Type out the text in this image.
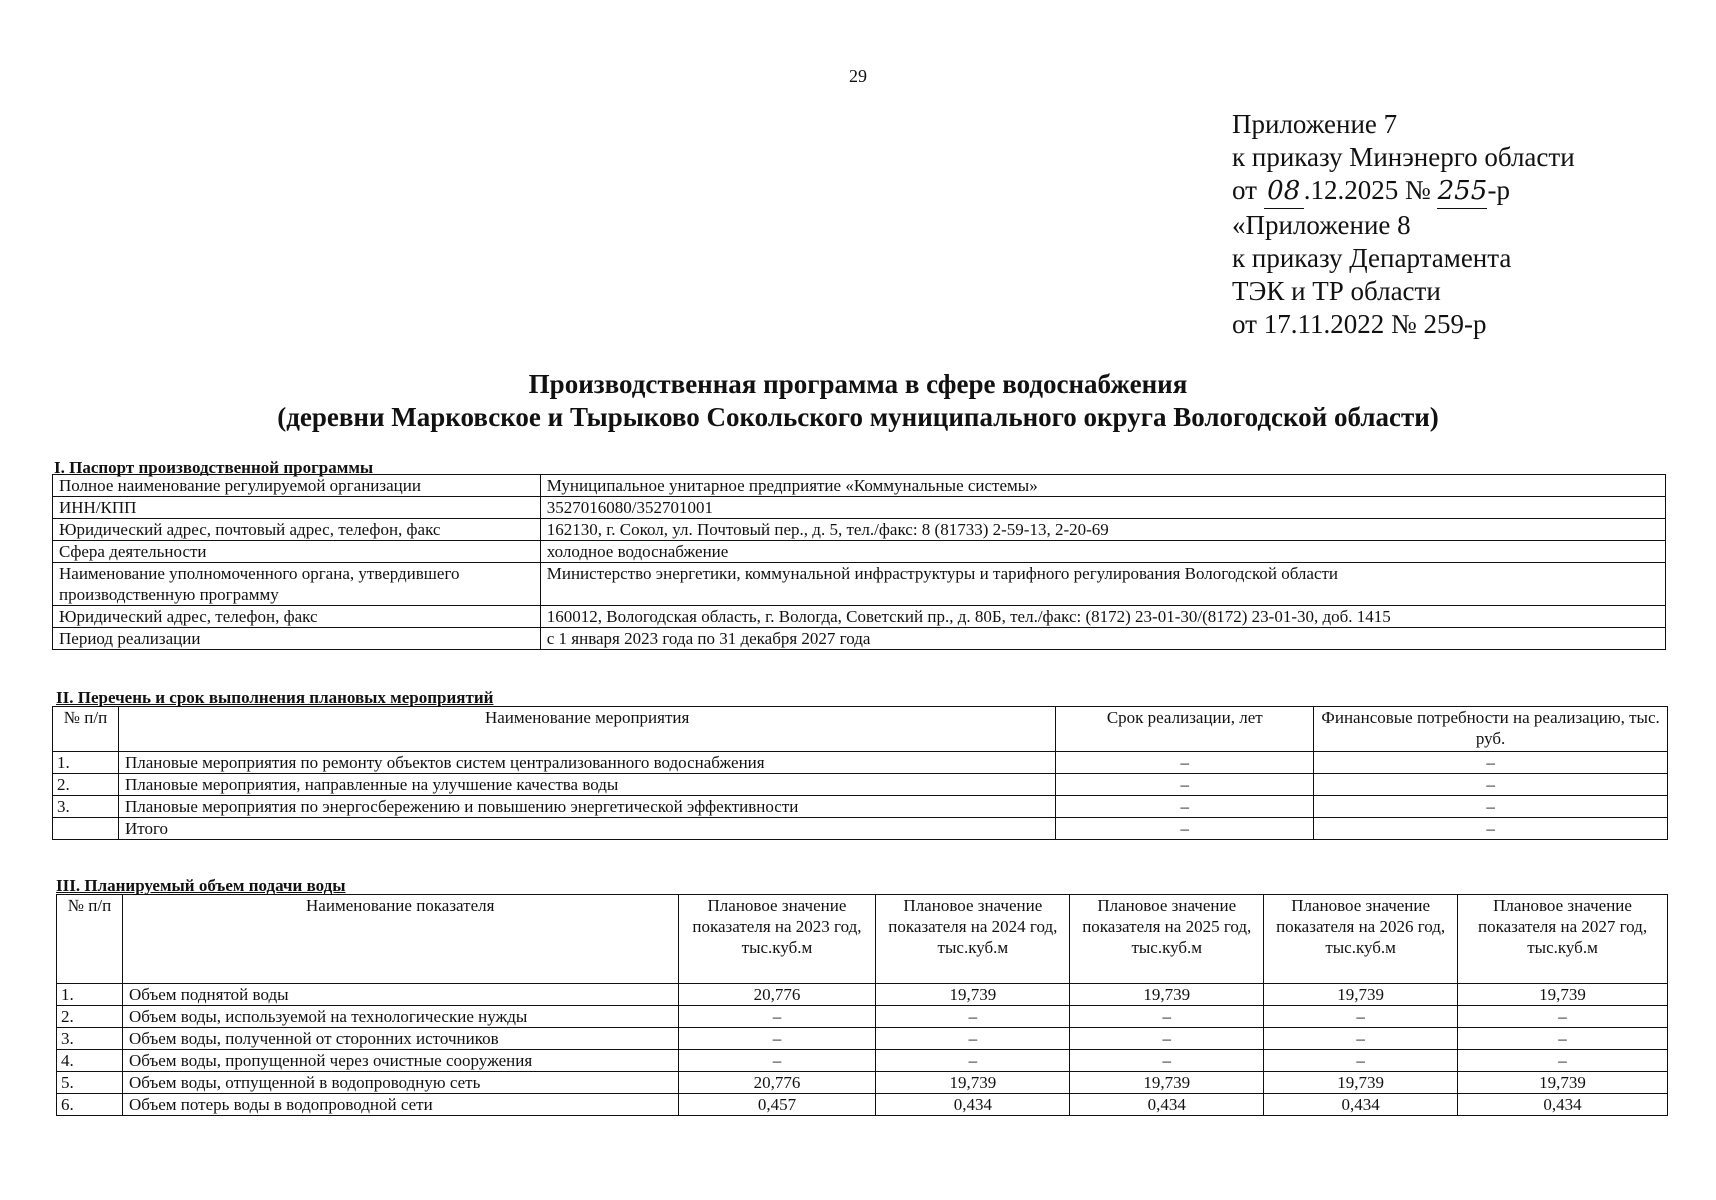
29
Приложение 7
к приказу Минэнерго области
от 08 .12.2025 № 255-р
«Приложение 8
к приказу Департамента
ТЭК и ТР области
от 17.11.2022 № 259-р
Производственная программа в сфере водоснабжения
(деревни Марковское и Тырыково Сокольского муниципального округа Вологодской области)
I. Паспорт производственной программы
Полное наименование регулируемой организации	Муниципальное унитарное предприятие «Коммунальные системы»
ИНН/КПП	3527016080/352701001
Юридический адрес, почтовый адрес, телефон, факс	162130, г. Сокол, ул. Почтовый пер., д. 5, тел./факс: 8 (81733) 2-59-13, 2-20-69
Сфера деятельности	холодное водоснабжение
Наименование уполномоченного органа, утвердившего производственную программу	Министерство энергетики, коммунальной инфраструктуры и тарифного регулирования Вологодской области
Юридический адрес, телефон, факс	160012, Вологодская область, г. Вологда, Советский пр., д. 80Б, тел./факс: (8172) 23-01-30/(8172) 23-01-30, доб. 1415
Период реализации	с 1 января 2023 года по 31 декабря 2027 года
II. Перечень и срок выполнения плановых мероприятий
№ п/п	Наименование мероприятия	Срок реализации, лет	Финансовые потребности на реализацию, тыс. руб.
1.	Плановые мероприятия по ремонту объектов систем централизованного водоснабжения	–	–
2.	Плановые мероприятия, направленные на улучшение качества воды	–	–
3.	Плановые мероприятия по энергосбережению и повышению энергетической эффективности	–	–
	Итого	–	–
III. Планируемый объем подачи воды
№ п/п	Наименование показателя	Плановое значение показателя на 2023 год, тыс.куб.м	Плановое значение показателя на 2024 год, тыс.куб.м	Плановое значение показателя на 2025 год, тыс.куб.м	Плановое значение показателя на 2026 год, тыс.куб.м	Плановое значение показателя на 2027 год, тыс.куб.м
1.	Объем поднятой воды	20,776	19,739	19,739	19,739	19,739
2.	Объем воды, используемой на технологические нужды	–	–	–	–	–
3.	Объем воды, полученной от сторонних источников	–	–	–	–	–
4.	Объем воды, пропущенной через очистные сооружения	–	–	–	–	–
5.	Объем воды, отпущенной в водопроводную сеть	20,776	19,739	19,739	19,739	19,739
6.	Объем потерь воды в водопроводной сети	0,457	0,434	0,434	0,434	0,434
